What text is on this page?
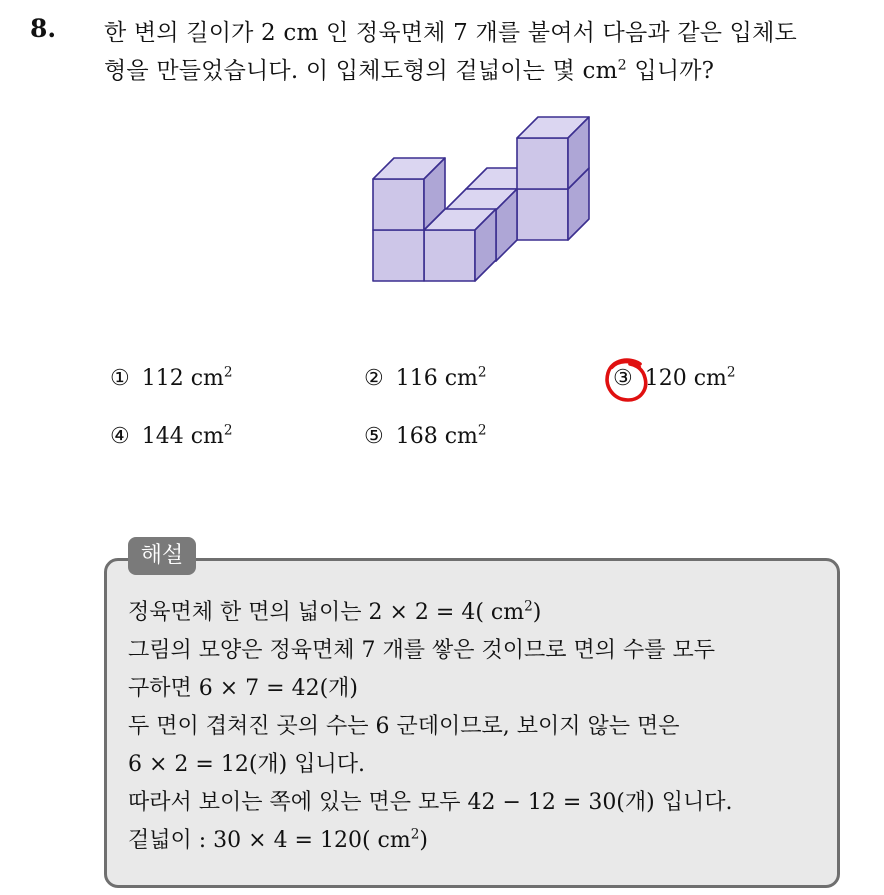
8. 한 변의 길이가 2 cm 인 정육면체 7 개를 붙여서 다음과 같은 입체도
형을 만들었습니다. 이 입체도형의 겉넓이는 몇 $cm^2$ 입니까?
① 112 $cm^2$	② 116 $cm^2$	③ 120 $cm^2$
④ 144 $cm^2$	⑤ 168 $cm^2$
해설
정육면체 한 면의 넓이는 2 × 2 = 4( $cm^2$)
그림의 모양은 정육면체 7 개를 쌓은 것이므로 면의 수를 모두
구하면 6 × 7 = 42(개)
두 면이 겹쳐진 곳의 수는 6 군데이므로, 보이지 않는 면은
6 × 2 = 12(개) 입니다.
따라서 보이는 쪽에 있는 면은 모두 42 − 12 = 30(개) 입니다.
겉넓이 : 30 × 4 = 120( $cm^2$)
